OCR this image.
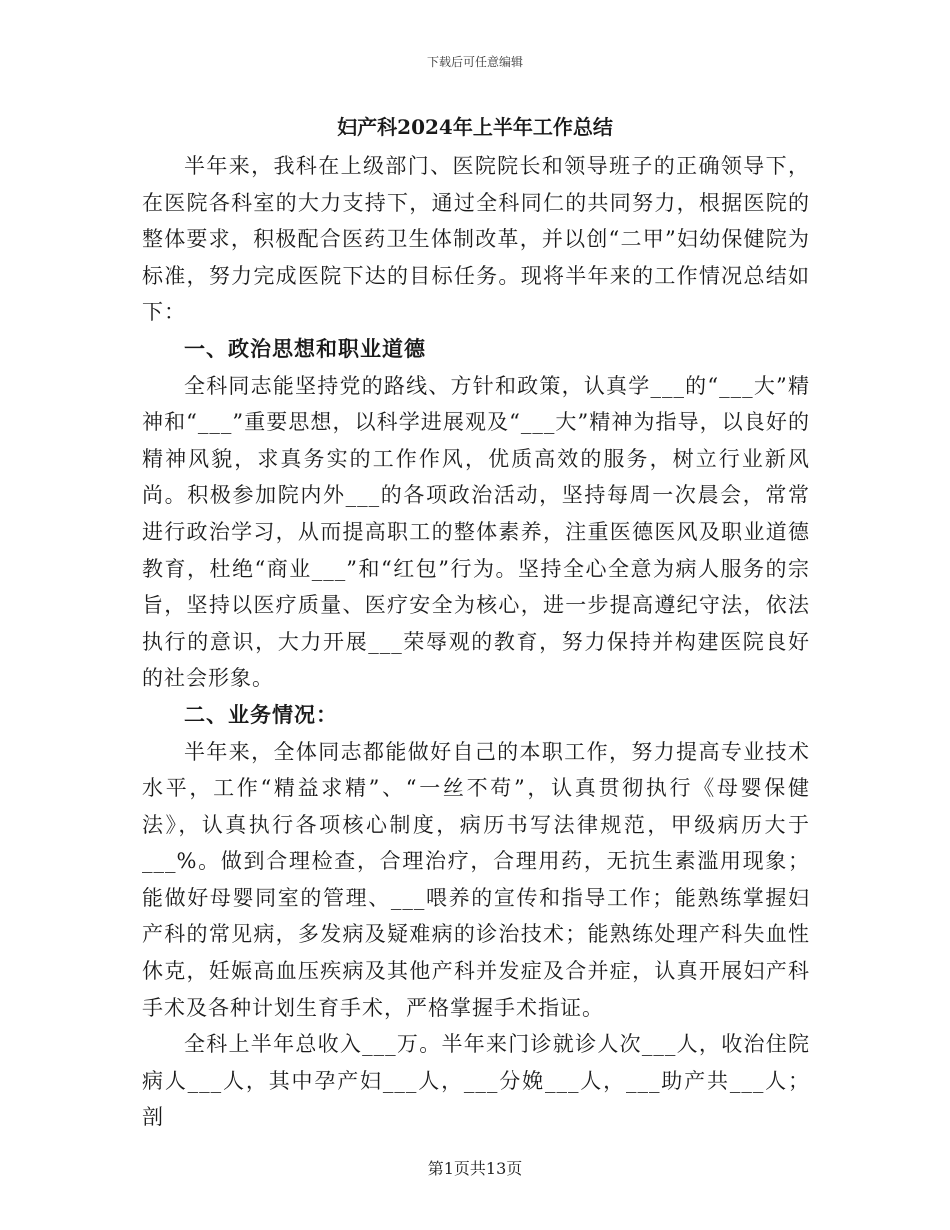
下载后可任意编辑
妇产科2024年上半年工作总结

半年来，我科在上级部门、医院院长和领导班子的正确领导下，在医院各科室的大力支持下，通过全科同仁的共同努力，根据医院的整体要求，积极配合医药卫生体制改革，并以创“二甲”妇幼保健院为标准，努力完成医院下达的目标任务。现将半年来的工作情况总结如下：

一、政治思想和职业道德

全科同志能坚持党的路线、方针和政策，认真学___的“___大”精神和“___”重要思想，以科学进展观及“___大”精神为指导，以良好的精神风貌，求真务实的工作作风，优质高效的服务，树立行业新风尚。积极参加院内外___的各项政治活动，坚持每周一次晨会，常常进行政治学习，从而提高职工的整体素养，注重医德医风及职业道德教育，杜绝“商业___”和“红包”行为。坚持全心全意为病人服务的宗旨，坚持以医疗质量、医疗安全为核心，进一步提高遵纪守法，依法执行的意识，大力开展___荣辱观的教育，努力保持并构建医院良好的社会形象。

二、业务情况：

半年来，全体同志都能做好自己的本职工作，努力提高专业技术水平，工作“精益求精”、“一丝不苟”，认真贯彻执行《母婴保健法》，认真执行各项核心制度，病历书写法律规范，甲级病历大于___%。做到合理检查，合理治疗，合理用药，无抗生素滥用现象；能做好母婴同室的管理、___喂养的宣传和指导工作；能熟练掌握妇产科的常见病，多发病及疑难病的诊治技术；能熟练处理产科失血性休克，妊娠高血压疾病及其他产科并发症及合并症，认真开展妇产科手术及各种计划生育手术，严格掌握手术指证。

全科上半年总收入___万。半年来门诊就诊人次___人，收治住院病人___人，其中孕产妇___人，___分娩___人，___助产共___人；剖

第1页共13页
